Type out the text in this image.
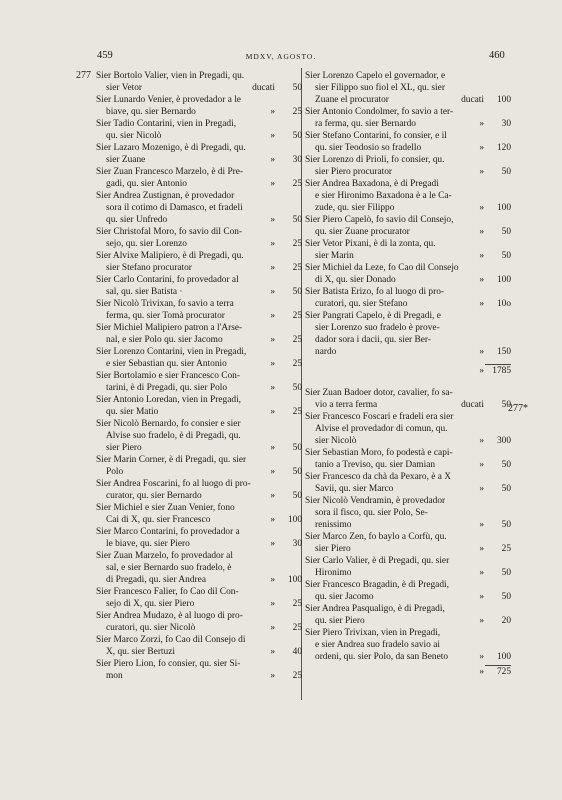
459	MDXV, AGOSTO.	460
277
277*
Sier Bortolo Valier, vien in Pregadi, qu.
sier Vetor	ducati 50
Sier Lunardo Venier, è provedador a le
biave, qu. sier Bernardo	» 25
Sier Tadio Contarini, vien in Pregadi,
qu. sier Nicolò	» 50
Sier Lazaro Mozenigo, è di Pregadi, qu.
sier Zuane	» 30
Sier Zuan Francesco Marzelo, è di Pre-
gadi, qu. sier Antonio	» 25
Sier Andrea Zustignan, è provedador
sora il cotimo di Damasco, et fradeli
qu. sier Unfredo	» 50
Sier Christofal Moro, fo savio dil Con-
sejo, qu. sier Lorenzo	» 25
Sier Alvixe Malipiero, è di Pregadi, qu.
sier Stefano procurator	» 25
Sier Carlo Contarini, fo provedador al
sal, qu. sier Batista ·	» 50
Sier Nicolò Trivixan, fo savio a terra
ferma, qu. sier Tomà procurator	» 25
Sier Michiel Malipiero patron a l'Arse-
nal, e sier Polo qu. sier Jacomo	» 25
Sier Lorenzo Contarini, vien in Pregadi,
e sier Sebastian qu. sier Antonio	» 25
Sier Bortolamio e sier Francesco Con-
tarini, è di Pregadi, qu. sier Polo	» 50
Sier Antonio Loredan, vien in Pregadi,
qu. sier Matio	» 25
Sier Nicolò Bernardo, fo consier e sier
Alvise suo fradelo, è di Pregadi, qu.
sier Piero	» 50
Sier Marin Corner, è di Pregadi, qu. sier
Polo	» 50
Sier Andrea Foscarini, fo al luogo di pro-
curator, qu. sier Bernardo	» 50
Sier Michiel e sier Zuan Venier, fono
Cai di X, qu. sier Francesco	» 100
Sier Marco Contarini, fo provedador a
le biave, qu. sier Piero	» 30
Sier Zuan Marzelo, fo provedador al
sal, e sier Bernardo suo fradelo, è
di Pregadi, qu. sier Andrea	» 100
Sier Francesco Falier, fo Cao dil Con-
sejo di X, qu. sier Piero	» 25
Sier Andrea Mudazo, è al luogo di pro-
curatori, qu. sier Nicolò	» 25
Sier Marco Zorzi, fo Cao dil Consejo di
X, qu. sier Bertuzi	» 40
Sier Piero Lion, fo consier, qu. sier Si-
mon	» 25
Sier Lorenzo Capelo el governador, e
sier Filippo suo fiol el XL, qu. sier
Zuane el procurator	ducati 100
Sier Antonio Condolmer, fo savio a ter-
ra ferma, qu. sier Bernardo	» 30
Sier Stefano Contarini, fo consier, e il
qu. sier Teodosio so fradello	» 120
Sier Lorenzo di Prioli, fo consier, qu.
sier Piero procurator	» 50
Sier Andrea Baxadona, è di Pregadi
e sier Hironimo Baxadona è a le Ca-
zude, qu. sier Filippo	» 100
Sier Piero Capelò, fo savio dil Consejo,
qu. sier Zuane procurator	» 50
Sier Vetor Pixani, è di la zonta, qu.
sier Marin	» 50
Sier Michiel da Leze, fo Cao dil Consejo
di X, qu. sier Donado	» 100
Sier Batista Erizo, fo al luogo di pro-
curatori, qu. sier Stefano	» 10o
Sier Pangrati Capelo, è di Pregadi, e
sier Lorenzo suo fradelo è prove-
dador sora i dacii, qu. sier Ber-
nardo	» 150
» 1785
Sier Zuan Badoer dotor, cavalier, fo sa-
vio a terra ferma	ducati 50
Sier Francesco Foscari e fradeli era sier
Alvise el provedador di comun, qu.
sier Nicolò	» 300
Sier Sebastian Moro, fo podestà e capi-
tanio a Treviso, qu. sier Damian	» 50
Sier Francesco da chà da Pexaro, è a X
Savii, qu. sier Marco	» 50
Sier Nicolò Vendramin, è provedador
sora il fisco, qu. sier Polo, Se-
renissimo	» 50
Sier Marco Zen, fo baylo a Corfù, qu.
sier Piero	» 25
Sier Carlo Valier, è di Pregadi, qu. sier
Hironimo	» 50
Sier Francesco Bragadin, è di Pregadi,
qu. sier Jacomo	» 50
Sier Andrea Pasqualigo, è di Pregadi,
qu. sier Piero	» 20
Sier Piero Trivixan, vien in Pregadi,
e sier Andrea suo fradelo savio ai
ordeni, qu. sier Polo, da san Beneto	» 100
» 725
